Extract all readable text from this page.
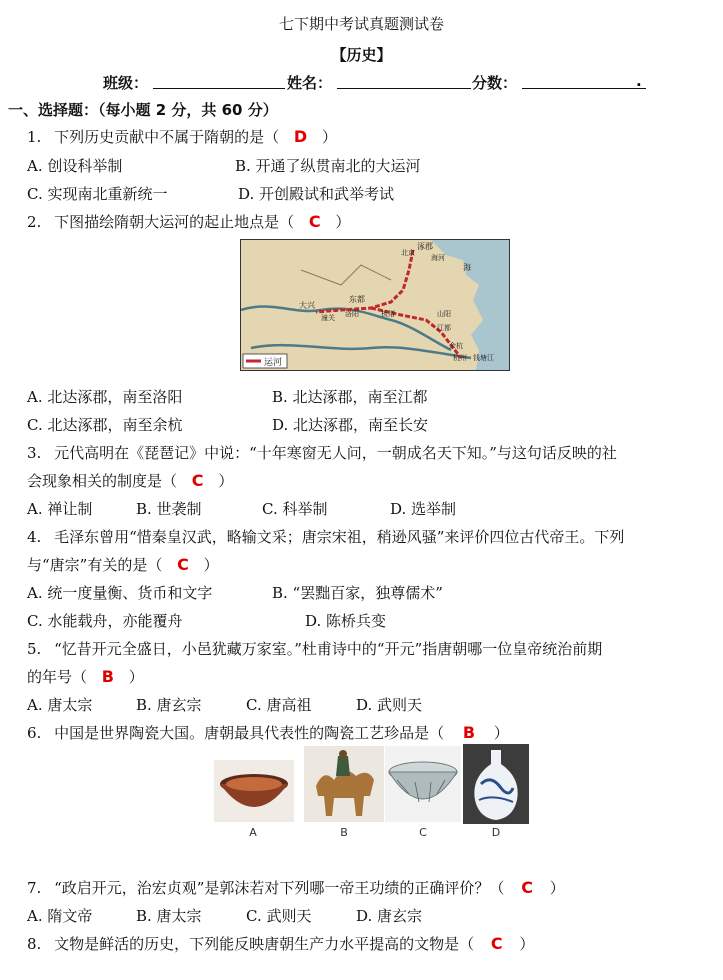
七下期中考试真题测试卷
【历史】
班级：	姓名：	分数：	.
一、选择题：（每小题 2 分，共 60 分）
1. 下列历史贡献中不属于隋朝的是（ D ）
A. 创设科举制	B. 开通了纵贯南北的大运河
C. 实现南北重新统一	D. 开创殿试和武举考试
2. 下图描绘隋朝大运河的起止地点是（ C ）
涿郡
北京
海河
大兴
东都
潼关 洛阳	板渚	山阳
江都
余杭
杭州 钱塘江
海
运河
A. 北达涿郡，南至洛阳	B. 北达涿郡，南至江都
C. 北达涿郡，南至余杭	D. 北达涿郡，南至长安
3. 元代高明在《琵琶记》中说：“十年寒窗无人问，一朝成名天下知。”与这句话反映的社
会现象相关的制度是（ C ）
A. 禅让制	B. 世袭制	C. 科举制	D. 选举制
4. 毛泽东曾用“惜秦皇汉武，略输文采；唐宗宋祖，稍逊风骚”来评价四位古代帝王。下列
与“唐宗”有关的是（ C ）
A. 统一度量衡、货币和文字	B. “罢黜百家，独尊儒术”
C. 水能载舟，亦能覆舟	D. 陈桥兵变
5. “忆昔开元全盛日，小邑犹藏万家室。”杜甫诗中的“开元”指唐朝哪一位皇帝统治前期
的年号（ B ）
A. 唐太宗	B. 唐玄宗	C. 唐高祖	D. 武则天
6. 中国是世界陶瓷大国。唐朝最具代表性的陶瓷工艺珍品是（ B ）
A	B	C	D
7. “政启开元，治宏贞观”是郭沫若对下列哪一帝王功绩的正确评价？（ C ）
A. 隋文帝	B. 唐太宗	C. 武则天	D. 唐玄宗
8. 文物是鲜活的历史，下列能反映唐朝生产力水平提高的文物是（ C ）
